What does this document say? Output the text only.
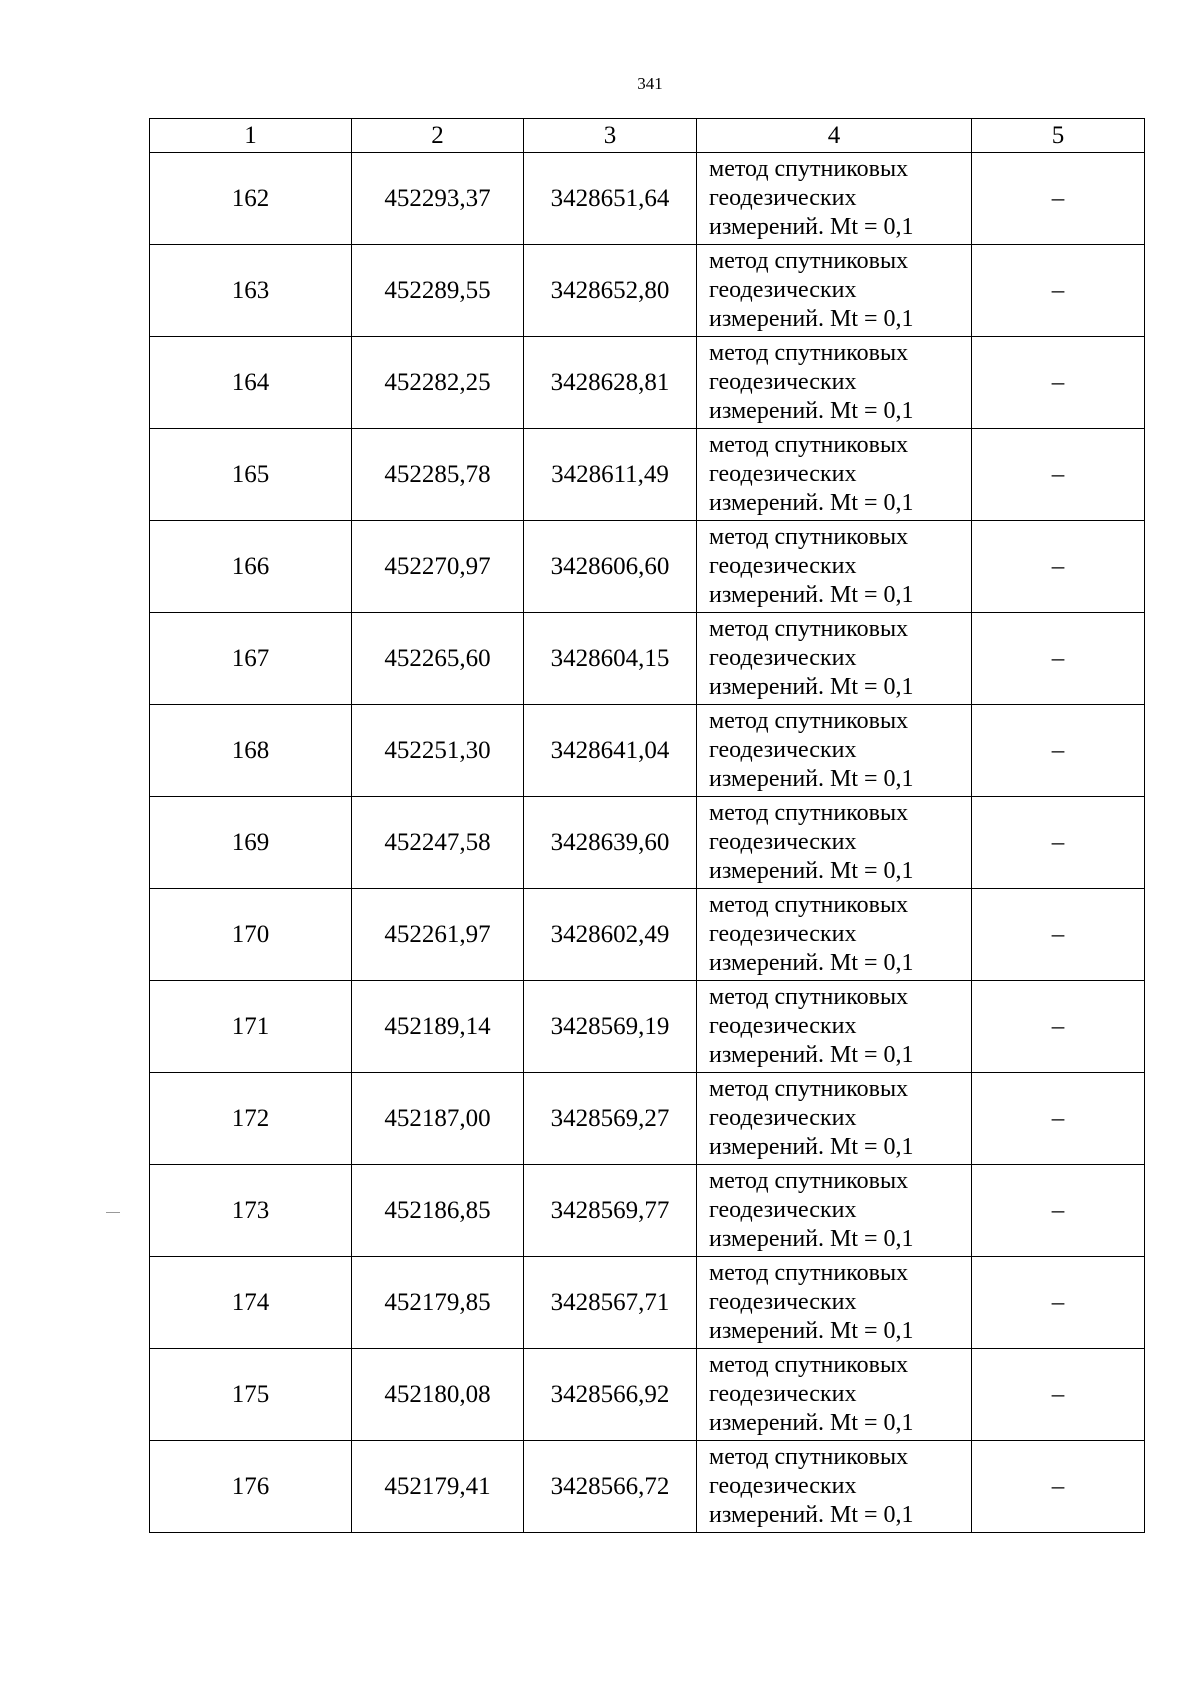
341
1	2	3	4	5
162	452293,37	3428651,64	метод спутниковых
геодезических
измерений. Mt = 0,1	–
163	452289,55	3428652,80	метод спутниковых
геодезических
измерений. Mt = 0,1	–
164	452282,25	3428628,81	метод спутниковых
геодезических
измерений. Mt = 0,1	–
165	452285,78	3428611,49	метод спутниковых
геодезических
измерений. Mt = 0,1	–
166	452270,97	3428606,60	метод спутниковых
геодезических
измерений. Mt = 0,1	–
167	452265,60	3428604,15	метод спутниковых
геодезических
измерений. Mt = 0,1	–
168	452251,30	3428641,04	метод спутниковых
геодезических
измерений. Mt = 0,1	–
169	452247,58	3428639,60	метод спутниковых
геодезических
измерений. Mt = 0,1	–
170	452261,97	3428602,49	метод спутниковых
геодезических
измерений. Mt = 0,1	–
171	452189,14	3428569,19	метод спутниковых
геодезических
измерений. Mt = 0,1	–
172	452187,00	3428569,27	метод спутниковых
геодезических
измерений. Mt = 0,1	–
173	452186,85	3428569,77	метод спутниковых
геодезических
измерений. Mt = 0,1	–
174	452179,85	3428567,71	метод спутниковых
геодезических
измерений. Mt = 0,1	–
175	452180,08	3428566,92	метод спутниковых
геодезических
измерений. Mt = 0,1	–
176	452179,41	3428566,72	метод спутниковых
геодезических
измерений. Mt = 0,1	–
